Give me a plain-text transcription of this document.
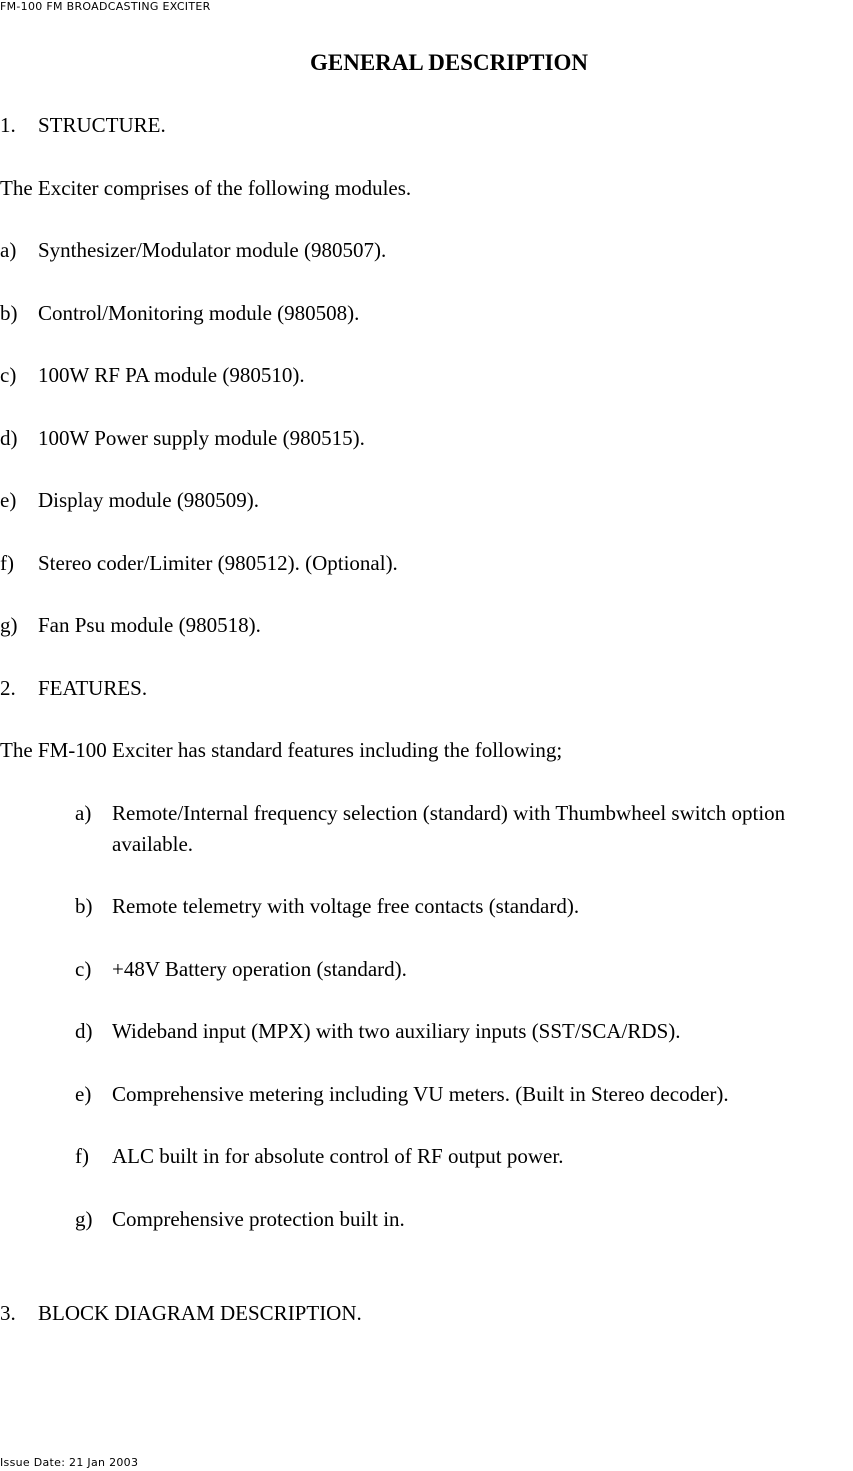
FM-100 FM BROADCASTING EXCITER
GENERAL DESCRIPTION
1. STRUCTURE.
The Exciter comprises of the following modules.
a) Synthesizer/Modulator module (980507).
b) Control/Monitoring module (980508).
c) 100W RF PA module (980510).
d) 100W Power supply module (980515).
e) Display module (980509).
f) Stereo coder/Limiter (980512). (Optional).
g) Fan Psu module (980518).
2. FEATURES.
The FM-100 Exciter has standard features including the following;
a) Remote/Internal frequency selection (standard) with Thumbwheel switch option
available.
b) Remote telemetry with voltage free contacts (standard).
c) +48V Battery operation (standard).
d) Wideband input (MPX) with two auxiliary inputs (SST/SCA/RDS).
e) Comprehensive metering including VU meters. (Built in Stereo decoder).
f) ALC built in for absolute control of RF output power.
g) Comprehensive protection built in.
3. BLOCK DIAGRAM DESCRIPTION.
Issue Date: 21 Jan 2003
